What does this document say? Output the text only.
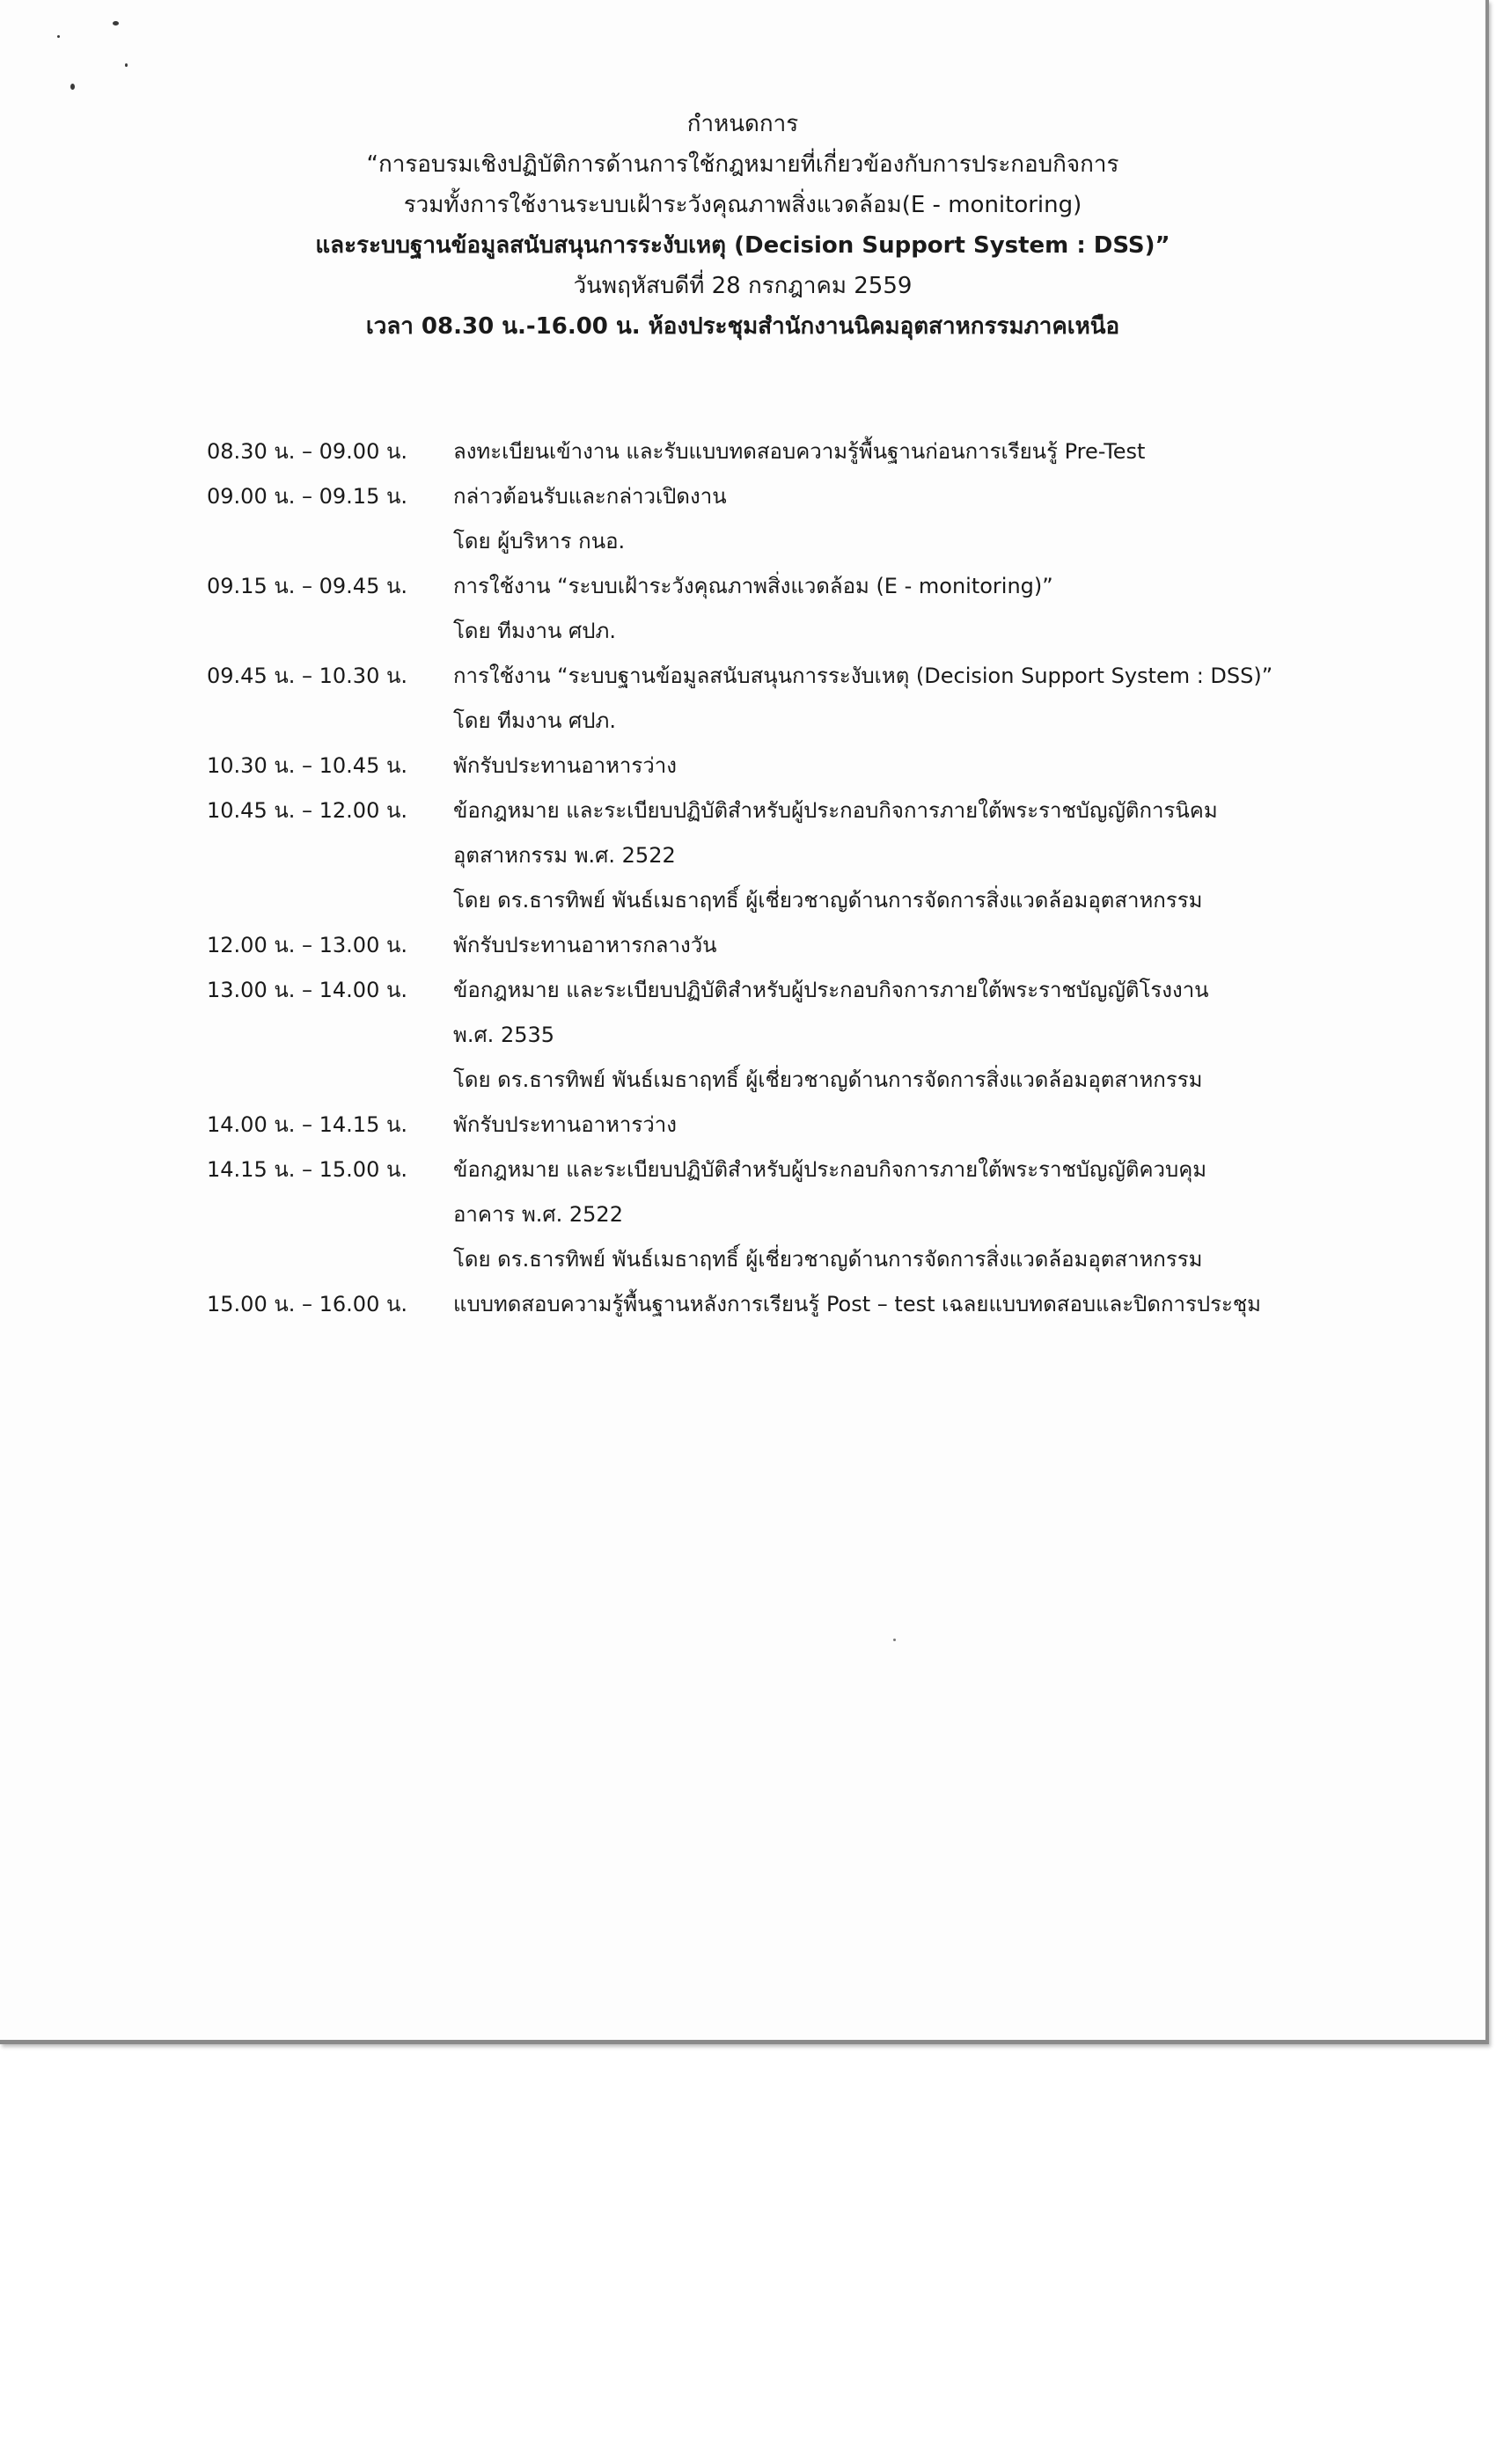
กำหนดการ
“การอบรมเชิงปฏิบัติการด้านการใช้กฎหมายที่เกี่ยวข้องกับการประกอบกิจการ
รวมทั้งการใช้งานระบบเฝ้าระวังคุณภาพสิ่งแวดล้อม(E - monitoring)
และระบบฐานข้อมูลสนับสนุนการระงับเหตุ (Decision Support System : DSS)”
วันพฤหัสบดีที่ 28 กรกฎาคม 2559
เวลา 08.30 น.-16.00 น. ห้องประชุมสำนักงานนิคมอุตสาหกรรมภาคเหนือ
08.30 น. – 09.00 น.	ลงทะเบียนเข้างาน และรับแบบทดสอบความรู้พื้นฐานก่อนการเรียนรู้ Pre-Test
09.00 น. – 09.15 น.	กล่าวต้อนรับและกล่าวเปิดงาน
โดย ผู้บริหาร กนอ.
09.15 น. – 09.45 น.	การใช้งาน “ระบบเฝ้าระวังคุณภาพสิ่งแวดล้อม (E - monitoring)”
โดย ทีมงาน ศปภ.
09.45 น. – 10.30 น.	การใช้งาน “ระบบฐานข้อมูลสนับสนุนการระงับเหตุ (Decision Support System : DSS)”
โดย ทีมงาน ศปภ.
10.30 น. – 10.45 น.	พักรับประทานอาหารว่าง
10.45 น. – 12.00 น.	ข้อกฎหมาย และระเบียบปฏิบัติสำหรับผู้ประกอบกิจการภายใต้พระราชบัญญัติการนิคม
อุตสาหกรรม พ.ศ. 2522
โดย ดร.ธารทิพย์ พันธ์เมธาฤทธิ์ ผู้เชี่ยวชาญด้านการจัดการสิ่งแวดล้อมอุตสาหกรรม
12.00 น. – 13.00 น.	พักรับประทานอาหารกลางวัน
13.00 น. – 14.00 น.	ข้อกฎหมาย และระเบียบปฏิบัติสำหรับผู้ประกอบกิจการภายใต้พระราชบัญญัติโรงงาน
พ.ศ. 2535
โดย ดร.ธารทิพย์ พันธ์เมธาฤทธิ์ ผู้เชี่ยวชาญด้านการจัดการสิ่งแวดล้อมอุตสาหกรรม
14.00 น. – 14.15 น.	พักรับประทานอาหารว่าง
14.15 น. – 15.00 น.	ข้อกฎหมาย และระเบียบปฏิบัติสำหรับผู้ประกอบกิจการภายใต้พระราชบัญญัติควบคุม
อาคาร พ.ศ. 2522
โดย ดร.ธารทิพย์ พันธ์เมธาฤทธิ์ ผู้เชี่ยวชาญด้านการจัดการสิ่งแวดล้อมอุตสาหกรรม
15.00 น. – 16.00 น.	แบบทดสอบความรู้พื้นฐานหลังการเรียนรู้ Post – test เฉลยแบบทดสอบและปิดการประชุม
